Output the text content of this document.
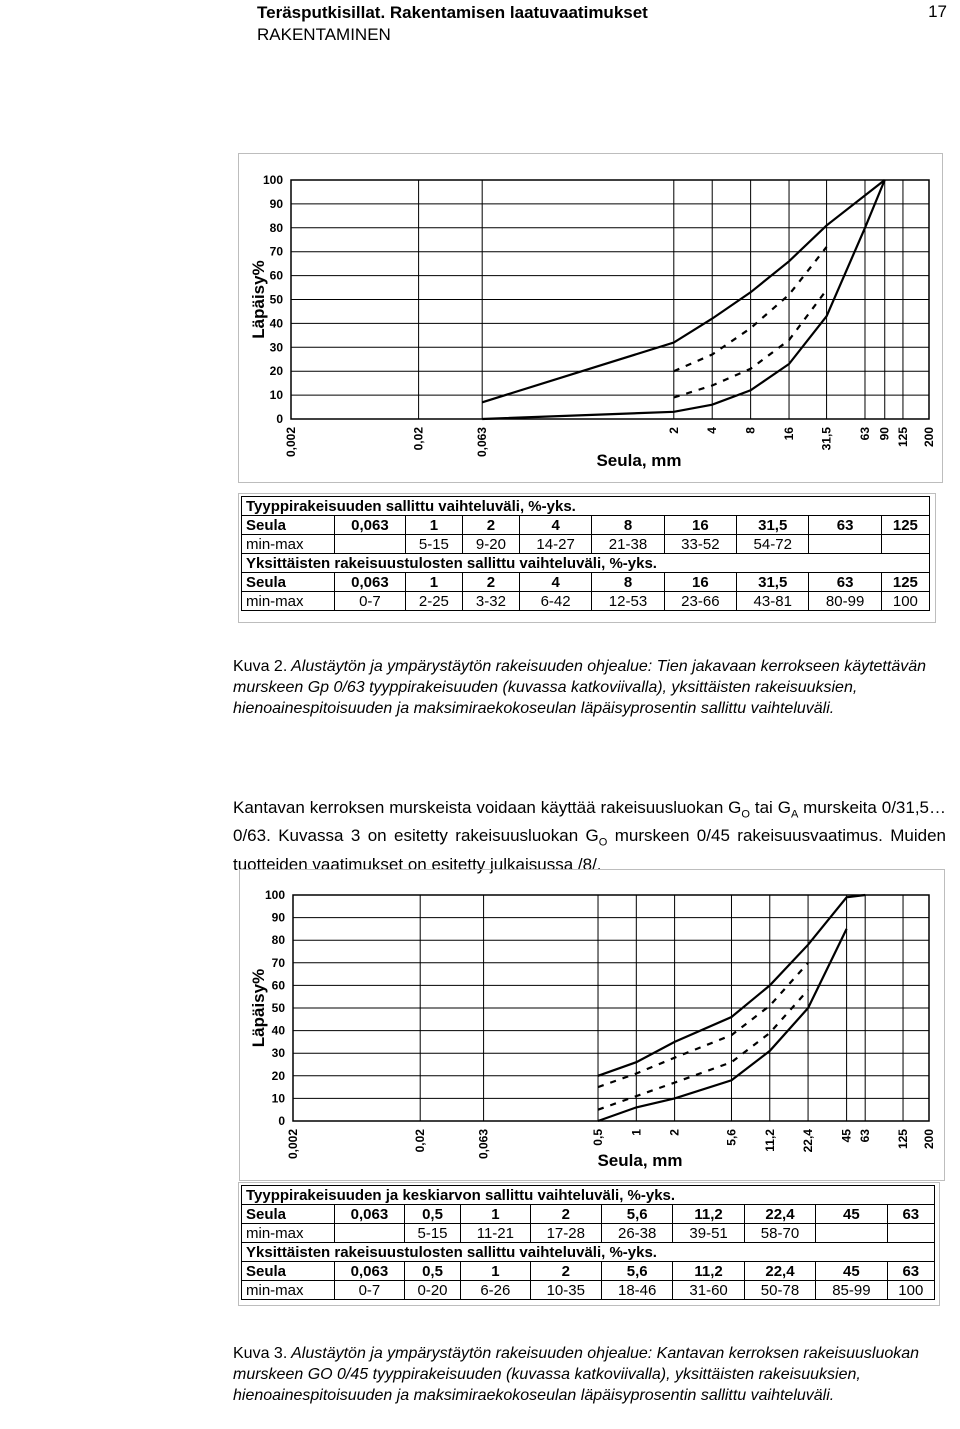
Teräsputkisillat. Rakentamisen laatuvaatimukset
RAKENTAMINEN
17
0
10
20
30
40
50
60
70
80
90
100
0,002	0,02	0,063	2 4 8 16 31,5 63 90 125 200
Läpäisy%
Seula, mm
Tyyppirakeisuuden sallittu vaihteluväli, %-yks.									
Seula	0,063	1	2	4	8	16	31,5	63	125
min-max		5-15	9-20	14-27	21-38	33-52	54-72		
Yksittäisten rakeisuustulosten sallittu vaihteluväli, %-yks.									
Seula	0,063	1	2	4	8	16	31,5	63	125
min-max	0-7	2-25	3-32	6-42	12-53	23-66	43-81	80-99	100
Kuva 2. Alustäytön ja ympärystäytön rakeisuuden ohjealue: Tien jakavaan kerrokseen käytettävän murskeen Gp 0/63 tyyppirakeisuuden (kuvassa katkoviivalla), yksittäisten rakeisuuksien, hienoainespitoisuuden ja maksimiraekokoseulan läpäisyprosentin sallittu vaihteluväli.
Kantavan kerroksen murskeista voidaan käyttää rakeisuusluokan $G_O$ tai $G_A$ murskeita 0/31,5…0/63. Kuvassa 3 on esitetty rakeisuusluokan $G_O$ murskeen 0/45 rakeisuusvaatimus. Muiden tuotteiden vaatimukset on esitetty julkaisussa /8/.
0
10
20
30
40
50
60
70
80
90
100
0,002	0,02	0,063	0,5 1 2	5,6 11,2 22,4 45 63 125 200
Läpäisy%
Seula, mm
Tyyppirakeisuuden ja keskiarvon sallittu vaihteluväli, %-yks.									
Seula	0,063	0,5	1	2	5,6	11,2	22,4	45	63
min-max		5-15	11-21	17-28	26-38	39-51	58-70		
Yksittäisten rakeisuustulosten sallittu vaihteluväli, %-yks.									
Seula	0,063	0,5	1	2	5,6	11,2	22,4	45	63
min-max	0-7	0-20	6-26	10-35	18-46	31-60	50-78	85-99	100
Kuva 3. Alustäytön ja ympärystäytön rakeisuuden ohjealue: Kantavan kerroksen rakeisuusluokan murskeen GO 0/45 tyyppirakeisuuden (kuvassa katkoviivalla), yksittäisten rakeisuuksien, hienoainespitoisuuden ja maksimiraekokoseulan läpäisyprosentin sallittu vaihteluväli.
